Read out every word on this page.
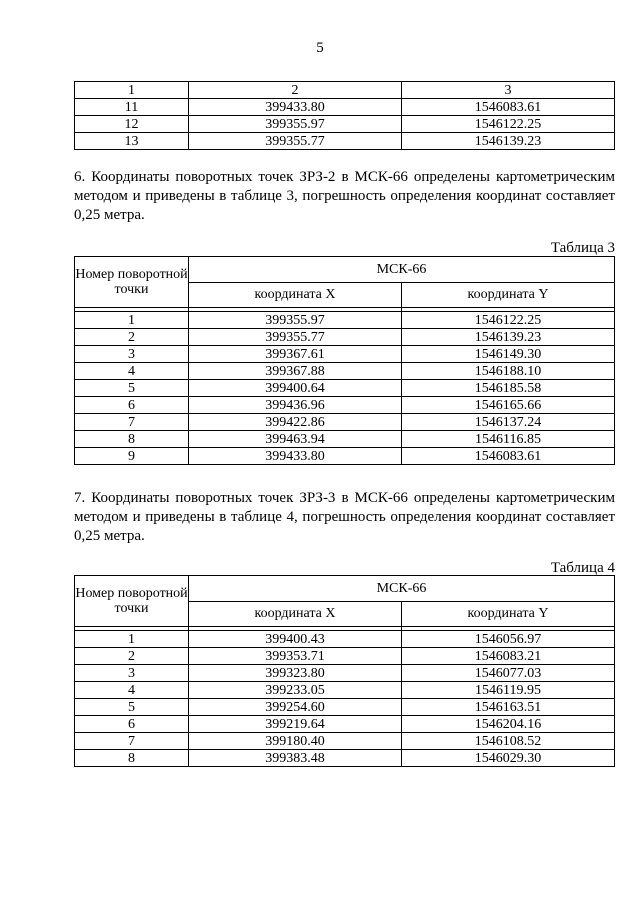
5
1	2	3
11	399433.80	1546083.61
12	399355.97	1546122.25
13	399355.77	1546139.23
6. Координаты поворотных точек ЗРЗ-2 в МСК-66 определены картометрическим методом и приведены в таблице 3, погрешность определения координат составляет 0,25 метра.
Таблица 3
Номер поворотной точки	МСК-66	
	координата X	координата Y

1	399355.97	1546122.25
2	399355.77	1546139.23
3	399367.61	1546149.30
4	399367.88	1546188.10
5	399400.64	1546185.58
6	399436.96	1546165.66
7	399422.86	1546137.24
8	399463.94	1546116.85
9	399433.80	1546083.61
7. Координаты поворотных точек ЗРЗ-3 в МСК-66 определены картометрическим методом и приведены в таблице 4, погрешность определения координат составляет 0,25 метра.
Таблица 4
Номер поворотной точки	МСК-66	
	координата X	координата Y

1	399400.43	1546056.97
2	399353.71	1546083.21
3	399323.80	1546077.03
4	399233.05	1546119.95
5	399254.60	1546163.51
6	399219.64	1546204.16
7	399180.40	1546108.52
8	399383.48	1546029.30
